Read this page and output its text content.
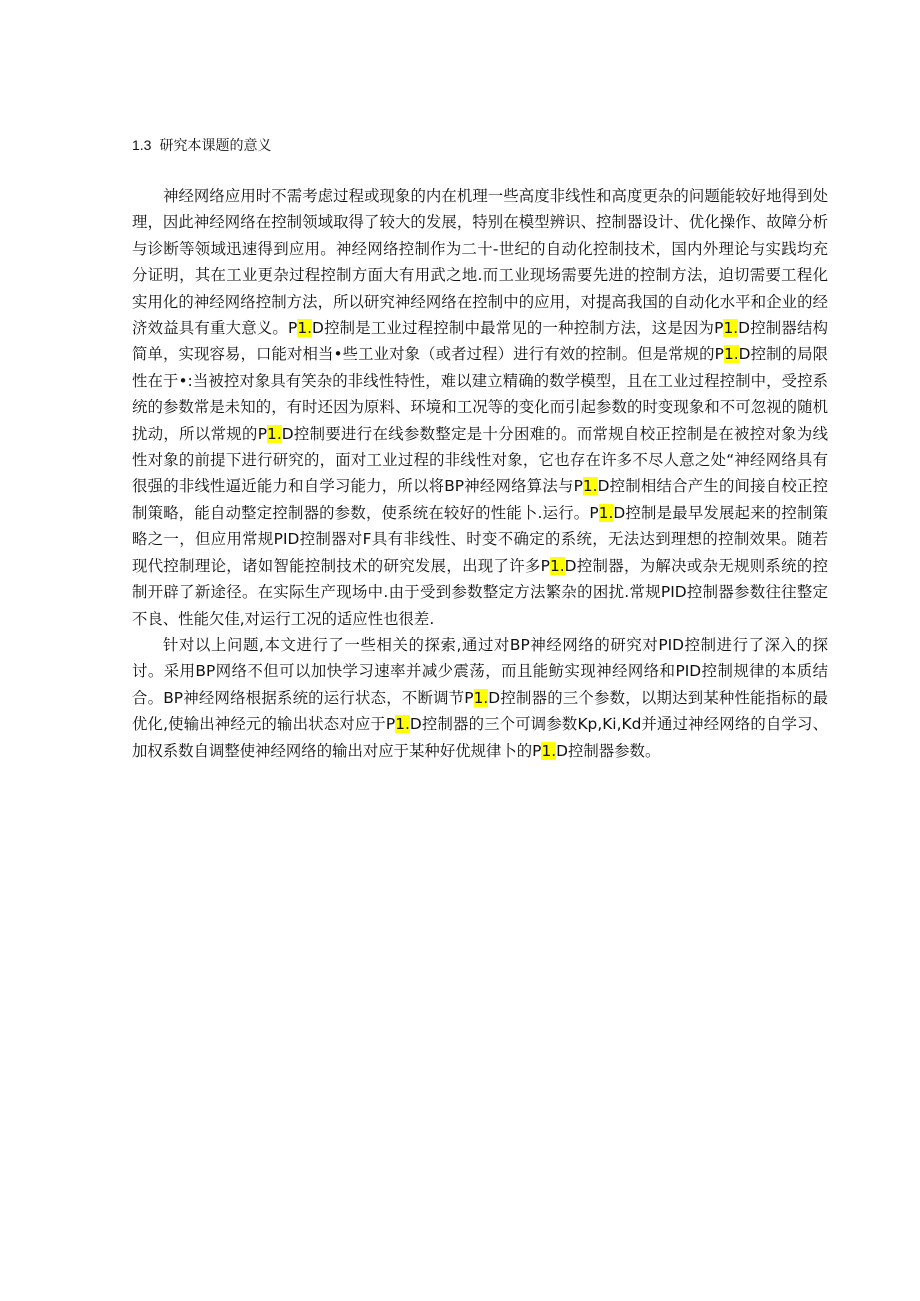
1.3 研究本课题的意义

神经网络应用时不需考虑过程或现象的内在机理一些高度非线性和高度更杂的问题能较好地得到处理，因此神经网络在控制领域取得了较大的发展，特别在模型辨识、控制器设计、优化操作、故障分析与诊断等领域迅速得到应用。神经网络控制作为二十-世纪的自动化控制技术，国内外理论与实践均充分证明，其在工业更杂过程控制方面大有用武之地.而工业现场需要先进的控制方法，迫切需要工程化实用化的神经网络控制方法，所以研究神经网络在控制中的应用，对提高我国的自动化水平和企业的经济效益具有重大意义。P1.D控制是工业过程控制中最常见的一种控制方法，这是因为P1.D控制器结构简单，实现容易，口能对相当•些工业对象（或者过程）进行有效的控制。但是常规的P1.D控制的局限性在于•:当被控对象具有笑杂的非线性特性，难以建立精确的数学模型，且在工业过程控制中，受控系统的参数常是未知的，有时还因为原料、环境和工况等的变化而引起参数的时变现象和不可忽视的随机扰动，所以常规的P1.D控制要进行在线参数整定是十分困难的。而常规自校正控制是在被控对象为线性对象的前提下进行研究的，面对工业过程的非线性对象，它也存在许多不尽人意之处“神经网络具有很强的非线性逼近能力和自学习能力，所以将BP神经网络算法与P1.D控制相结合产生的间接自校正控制策略，能自动整定控制器的参数，使系统在较好的性能卜.运行。P1.D控制是最早发展起来的控制策略之一，但应用常规PID控制器对F具有非线性、时变不确定的系统，无法达到理想的控制效果。随若现代控制理论，诸如智能控制技术的研究发展，出现了许多P1.D控制器，为解决或杂无规则系统的控制开辟了新途径。在实际生产现场中.由于受到参数整定方法繁杂的困扰.常规PID控制器参数往往整定不良、性能欠佳,对运行工况的适应性也很差.

针对以上问题,本文进行了一些相关的探索,通过对BP神经网络的研究对PID控制进行了深入的探讨。采用BP网络不但可以加快学习速率并减少震荡，而且能鲂实现神经网络和PID控制规律的本质结合。BP神经网络根据系统的运行状态，不断调节P1.D控制器的三个参数，以期达到某种性能指标的最优化,使输出神经元的输出状态对应于P1.D控制器的三个可调参数Kp,Ki,Kd并通过神经网络的自学习、加权系数自调整使神经网络的输出对应于某种好优规律卜的P1.D控制器参数。
